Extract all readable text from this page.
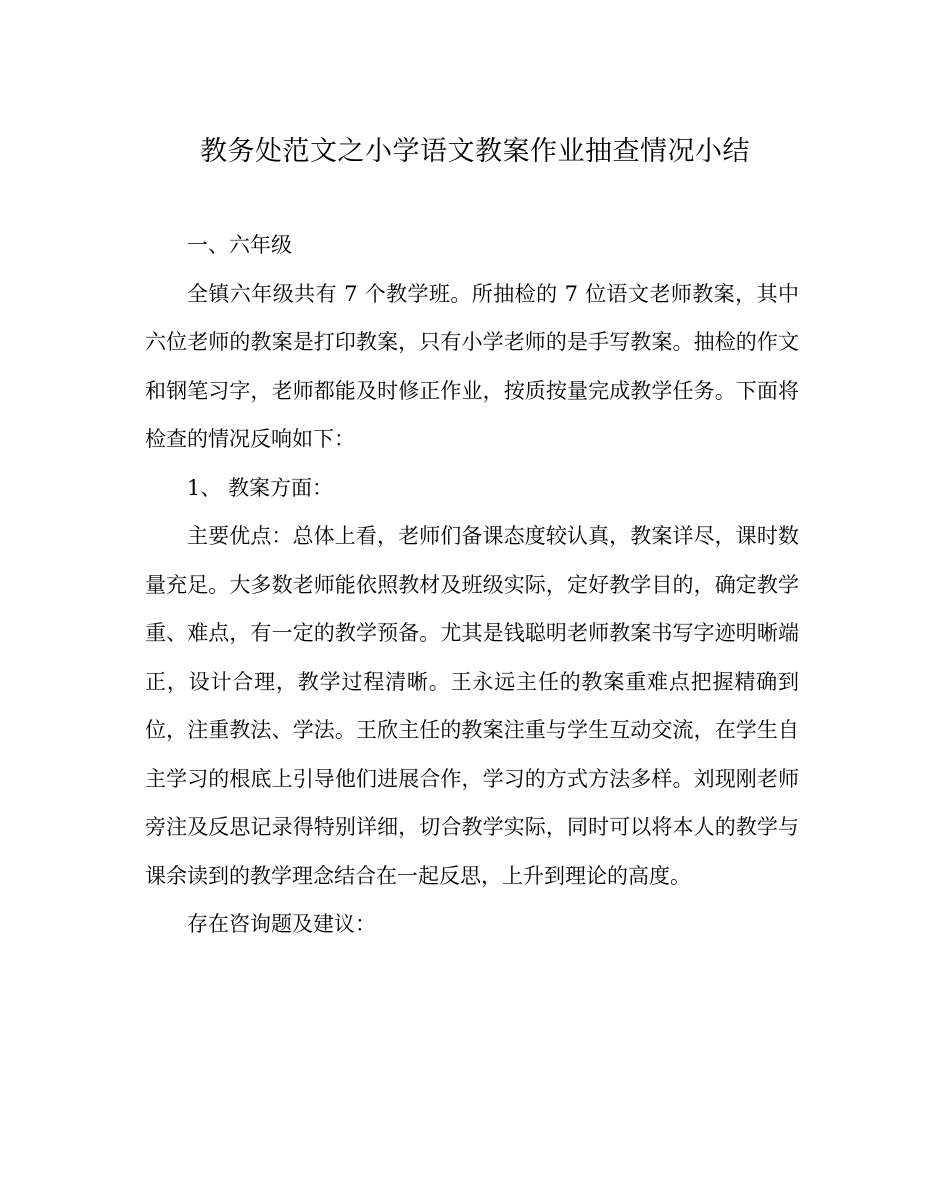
教务处范文之小学语文教案作业抽查情况小结

一、六年级

全镇六年级共有 7 个教学班。所抽检的 7 位语文老师教案，其中六位老师的教案是打印教案，只有小学老师的是手写教案。抽检的作文和钢笔习字，老师都能及时修正作业，按质按量完成教学任务。下面将检查的情况反响如下：

1、 教案方面：

主要优点：总体上看，老师们备课态度较认真，教案详尽，课时数量充足。大多数老师能依照教材及班级实际，定好教学目的，确定教学重、难点，有一定的教学预备。尤其是钱聪明老师教案书写字迹明晰端正，设计合理，教学过程清晰。王永远主任的教案重难点把握精确到位，注重教法、学法。王欣主任的教案注重与学生互动交流，在学生自主学习的根底上引导他们进展合作，学习的方式方法多样。刘现刚老师旁注及反思记录得特别详细，切合教学实际，同时可以将本人的教学与课余读到的教学理念结合在一起反思，上升到理论的高度。

存在咨询题及建议：
